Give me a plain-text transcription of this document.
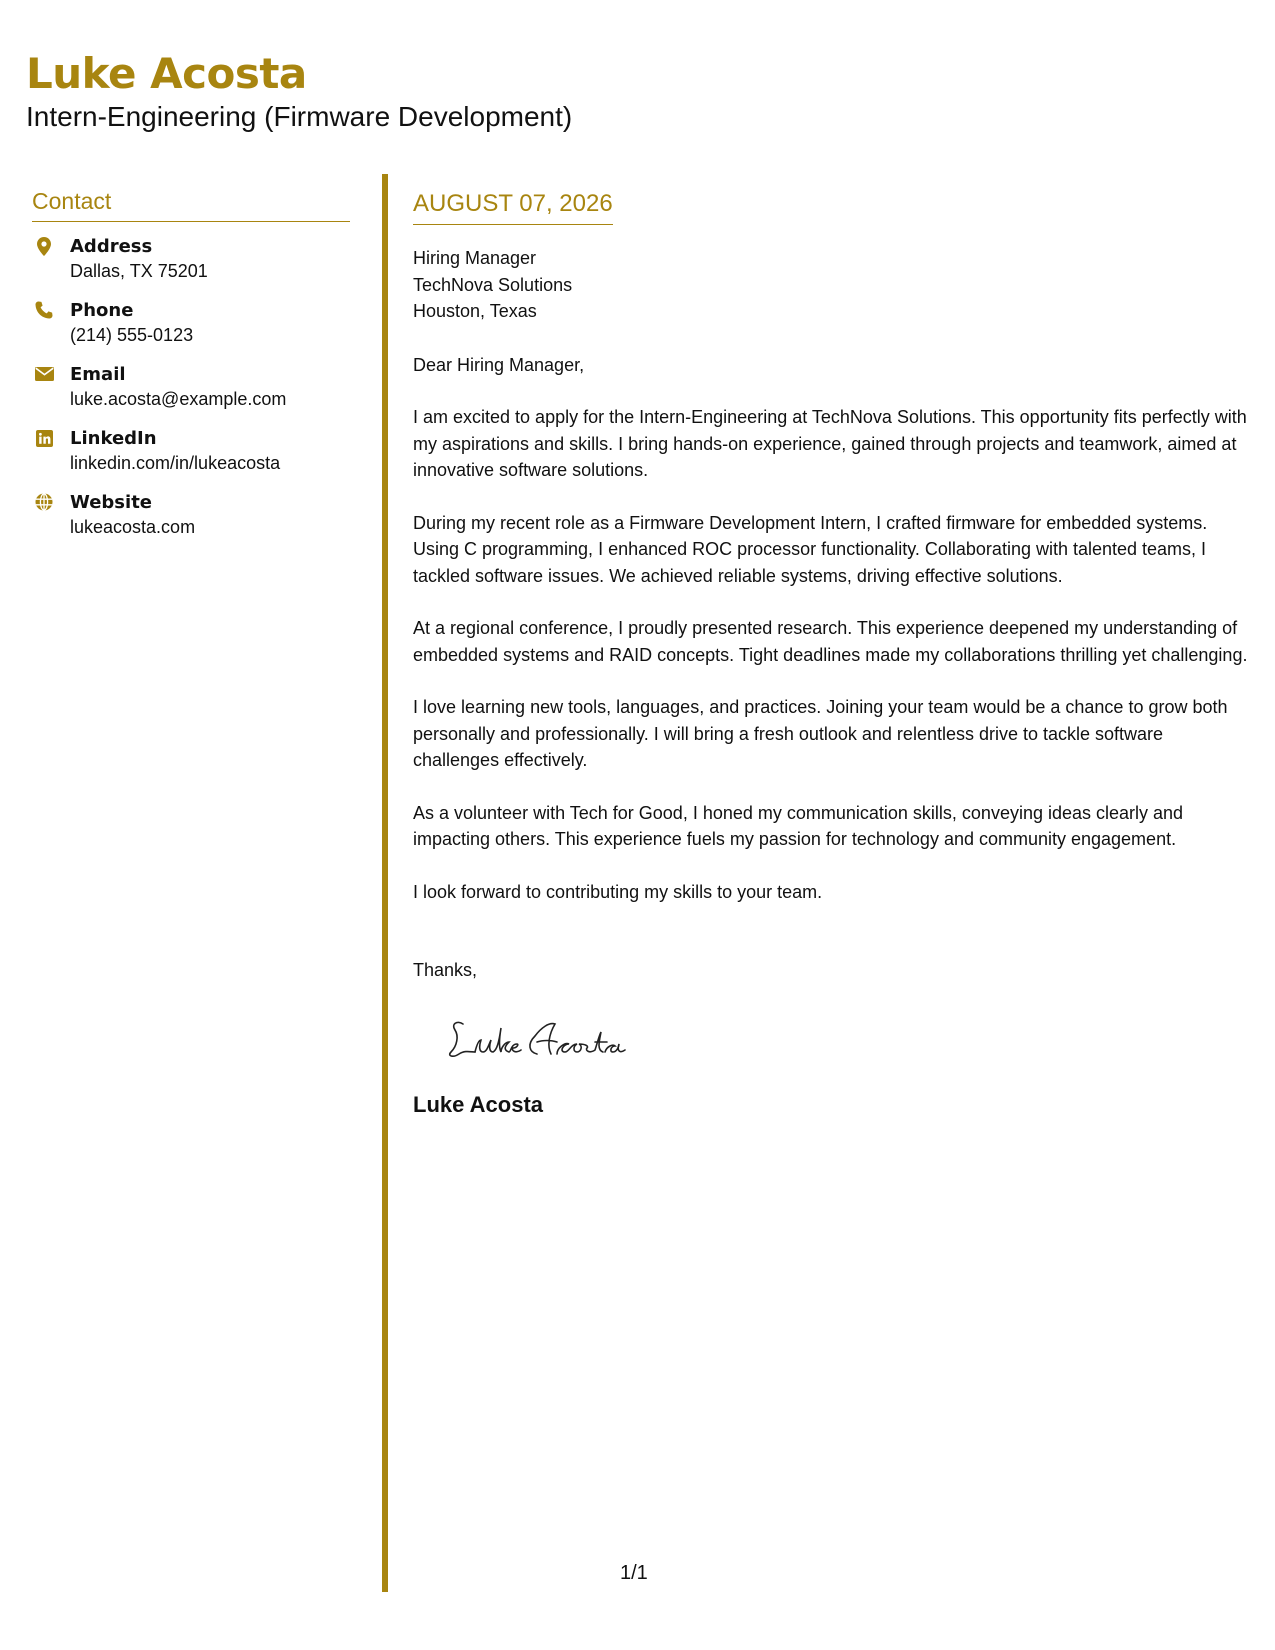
Luke Acosta
Intern-Engineering (Firmware Development)
Contact
Address
Dallas, TX 75201
Phone
(214) 555-0123
Email
luke.acosta@example.com
LinkedIn
linkedin.com/in/lukeacosta
Website
lukeacosta.com
AUGUST 07, 2026
Hiring Manager
TechNova Solutions
Houston, Texas

Dear Hiring Manager,

I am excited to apply for the Intern-Engineering at TechNova Solutions. This opportunity fits perfectly with my aspirations and skills. I bring hands-on experience, gained through projects and teamwork, aimed at innovative software solutions.

During my recent role as a Firmware Development Intern, I crafted firmware for embedded systems. Using C programming, I enhanced ROC processor functionality. Collaborating with talented teams, I tackled software issues. We achieved reliable systems, driving effective solutions.

At a regional conference, I proudly presented research. This experience deepened my understanding of embedded systems and RAID concepts. Tight deadlines made my collaborations thrilling yet challenging.

I love learning new tools, languages, and practices. Joining your team would be a chance to grow both personally and professionally. I will bring a fresh outlook and relentless drive to tackle software challenges effectively.

As a volunteer with Tech for Good, I honed my communication skills, conveying ideas clearly and impacting others. This experience fuels my passion for technology and community engagement.

I look forward to contributing my skills to your team.

Thanks,
Luke Acosta
1/1
